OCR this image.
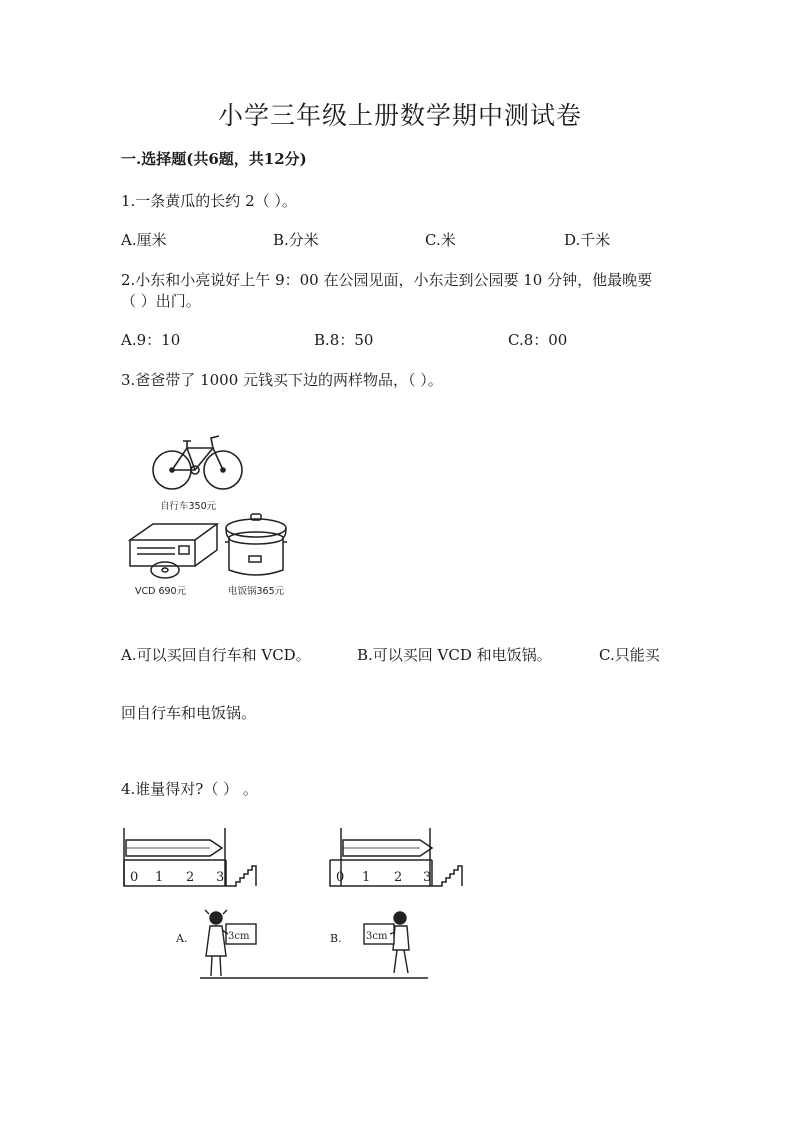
小学三年级上册数学期中测试卷
一.选择题(共6题，共12分)
1.一条黄瓜的长约 2（ ）。
A.厘米	B.分米	C.米	D.千米
2.小东和小亮说好上午 9：00 在公园见面，小东走到公园要 10 分钟，他最晚要
（ ）出门。
A.9：10	B.8：50	C.8：00
3.爸爸带了 1000 元钱买下边的两样物品，（ ）。
自行车350元
VCD 690元	电饭锅365元
A.可以买回自行车和 VCD。	B.可以买回 VCD 和电饭锅。	C.只能买
回自行车和电饭锅。
4.谁量得对?（ ） 。
0 1 2 3	0 1 2 3
A.	B.
3cm	3cm
